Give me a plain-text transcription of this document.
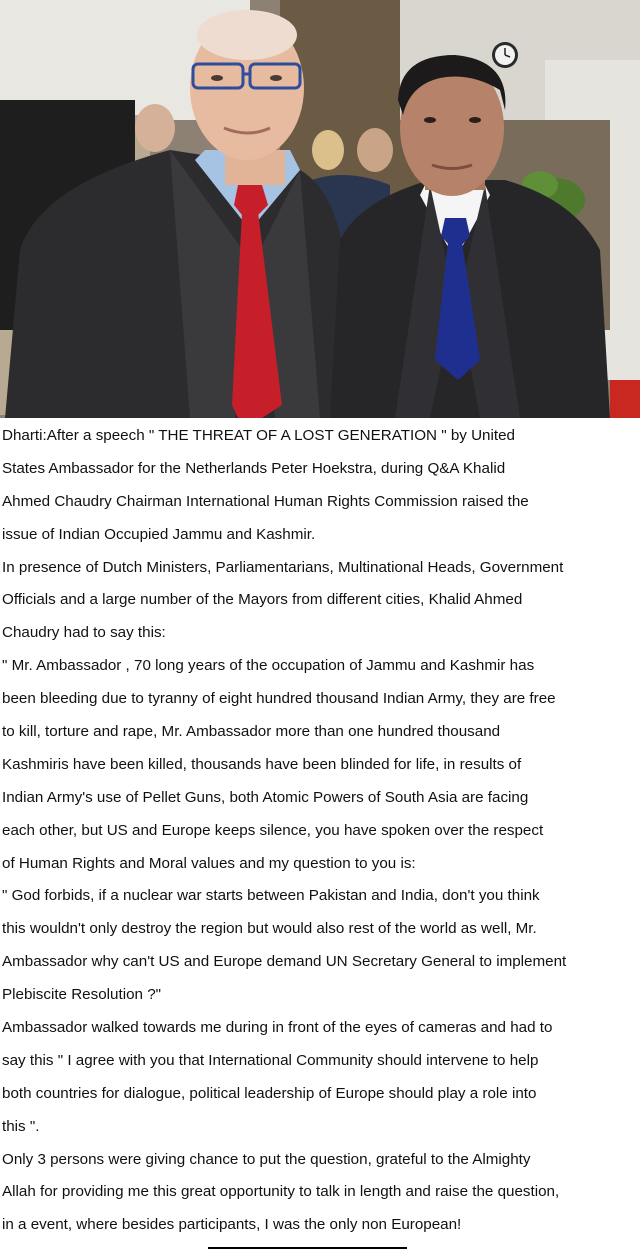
Dharti:After a speech " THE THREAT OF A LOST GENERATION " by United
States Ambassador for the Netherlands Peter Hoekstra, during Q&A Khalid
Ahmed Chaudry Chairman International Human Rights Commission raised the
issue of Indian Occupied Jammu and Kashmir.
In presence of Dutch Ministers, Parliamentarians, Multinational Heads, Government
Officials and a large number of the Mayors from different cities, Khalid Ahmed
Chaudry had to say this:
" Mr. Ambassador , 70 long years of the occupation of Jammu and Kashmir has
been bleeding due to tyranny of eight hundred thousand Indian Army, they are free
to kill, torture and rape, Mr. Ambassador more than one hundred thousand
Kashmiris have been killed, thousands have been blinded for life, in results of
Indian Army's use of Pellet Guns, both Atomic Powers of South Asia are facing
each other, but US and Europe keeps silence, you have spoken over the respect
of Human Rights and Moral values and my question to you is:
" God forbids, if a nuclear war starts between Pakistan and India, don't you think
this wouldn't only destroy the region but would also rest of the world as well, Mr.
Ambassador why can't US and Europe demand UN Secretary General to implement
Plebiscite Resolution ?"
Ambassador walked towards me during in front of the eyes of cameras and had to
say this " I agree with you that International Community should intervene to help
both countries for dialogue, political leadership of Europe should play a role into
this ".
Only 3 persons were giving chance to put the question, grateful to the Almighty
Allah for providing me this great opportunity to talk in length and raise the question,
in a event, where besides participants, I was the only non European!
